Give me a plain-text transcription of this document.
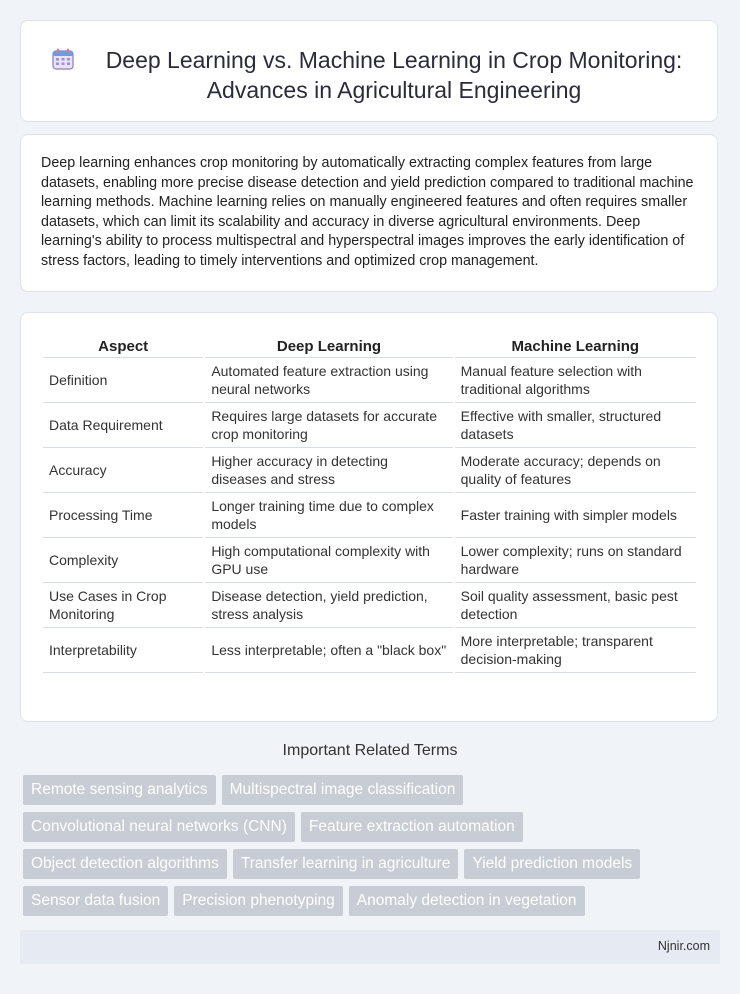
Deep Learning vs. Machine Learning in Crop Monitoring: Advances in Agricultural Engineering
Deep learning enhances crop monitoring by automatically extracting complex features from large datasets, enabling more precise disease detection and yield prediction compared to traditional machine learning methods. Machine learning relies on manually engineered features and often requires smaller datasets, which can limit its scalability and accuracy in diverse agricultural environments. Deep learning's ability to process multispectral and hyperspectral images improves the early identification of stress factors, leading to timely interventions and optimized crop management.
Aspect	Deep Learning	Machine Learning
Definition	Automated feature extraction using neural networks	Manual feature selection with traditional algorithms
Data Requirement	Requires large datasets for accurate crop monitoring	Effective with smaller, structured datasets
Accuracy	Higher accuracy in detecting diseases and stress	Moderate accuracy; depends on quality of features
Processing Time	Longer training time due to complex models	Faster training with simpler models
Complexity	High computational complexity with GPU use	Lower complexity; runs on standard hardware
Use Cases in Crop Monitoring	Disease detection, yield prediction, stress analysis	Soil quality assessment, basic pest detection
Interpretability	Less interpretable; often a "black box"	More interpretable; transparent decision-making
Important Related Terms
Remote sensing analytics	Multispectral image classification
Convolutional neural networks (CNN)	Feature extraction automation
Object detection algorithms	Transfer learning in agriculture	Yield prediction models
Sensor data fusion	Precision phenotyping	Anomaly detection in vegetation
Njnir.com
